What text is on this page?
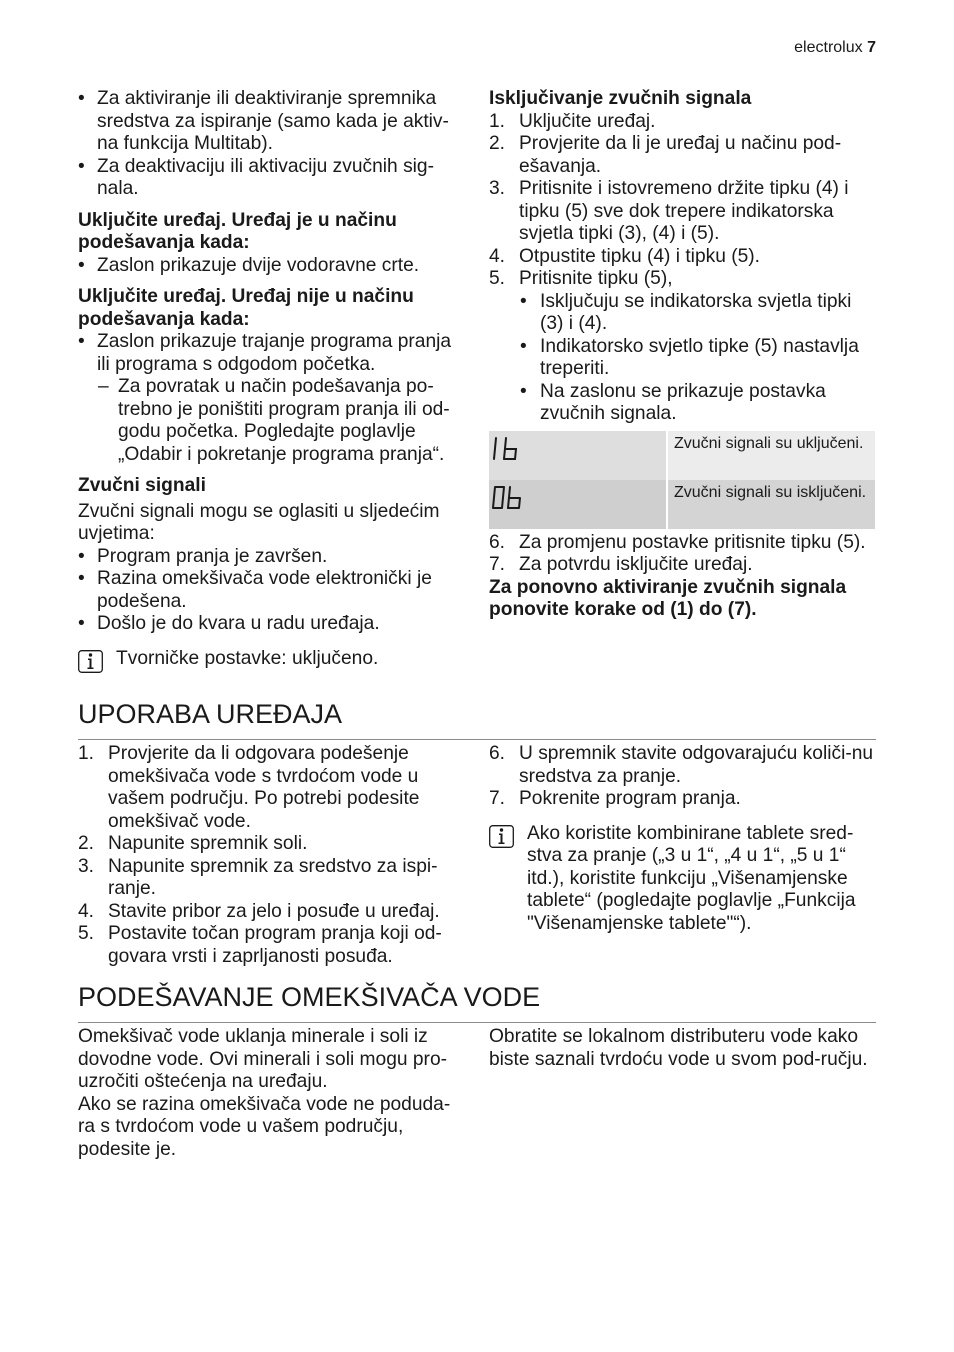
electrolux 7
• Za aktiviranje ili deaktiviranje spremnika sredstva za ispiranje (samo kada je aktiv-na funkcija Multitab).
• Za deaktivaciju ili aktivaciju zvučnih sig-nala.

Uključite uređaj. Uređaj je u načinu podešavanja kada:

• Zaslon prikazuje dvije vodoravne crte.

Uključite uređaj. Uređaj nije u načinu podešavanja kada:

• Zaslon prikazuje trajanje programa pranja ili programa s odgodom početka.
– Za povratak u način podešavanja po-trebno je poništiti program pranja ili od-godu početka. Pogledajte poglavlje „Odabir i pokretanje programa pranja“.

Zvučni signali

Zvučni signali mogu se oglasiti u sljedećim uvjetima:

• Program pranja je završen.
• Razina omekšivača vode elektronički je podešena.
• Došlo je do kvara u radu uređaja.
Tvorničke postavke: uključeno.

Isključivanje zvučnih signala

1. Uključite uređaj.
2. Provjerite da li je uređaj u načinu pod-ešavanja.
3. Pritisnite i istovremeno držite tipku (4) i tipku (5) sve dok trepere indikatorska svjetla tipki (3), (4) i (5).
4. Otpustite tipku (4) i tipku (5).
5. Pritisnite tipku (5),
• Isključuju se indikatorska svjetla tipki (3) i (4).
• Indikatorsko svjetlo tipke (5) nastavlja treperiti.
• Na zaslonu se prikazuje postavka zvučnih signala.
	Zvučni signali su uključeni.

	Zvučni signali su isključeni.
6. Za promjenu postavke pritisnite tipku (5).
7. Za potvrdu isključite uređaj.

Za ponovno aktiviranje zvučnih signala ponovite korake od (1) do (7).

UPORABA UREĐAJA
1. Provjerite da li odgovara podešenje omekšivača vode s tvrdoćom vode u vašem području. Po potrebi podesite omekšivač vode.
2. Napunite spremnik soli.
3. Napunite spremnik za sredstvo za ispi-ranje.
4. Stavite pribor za jelo i posuđe u uređaj.
5. Postavite točan program pranja koji od-govara vrsti i zaprljanosti posuđa.
6. U spremnik stavite odgovarajuću količi-nu sredstva za pranje.
7. Pokrenite program pranja.
Ako koristite kombinirane tablete sred-stva za pranje („3 u 1“, „4 u 1“, „5 u 1“ itd.), koristite funkciju „Višenamjenske tablete“ (pogledajte poglavlje „Funkcija "Višenamjenske tablete"“).
PODEŠAVANJE OMEKŠIVAČA VODE

Omekšivač vode uklanja minerale i soli iz dovodne vode. Ovi minerali i soli mogu pro-uzročiti oštećenja na uređaju.

Ako se razina omekšivača vode ne poduda-ra s tvrdoćom vode u vašem području, podesite je.

Obratite se lokalnom distributeru vode kako biste saznali tvrdoću vode u svom pod-ručju.
